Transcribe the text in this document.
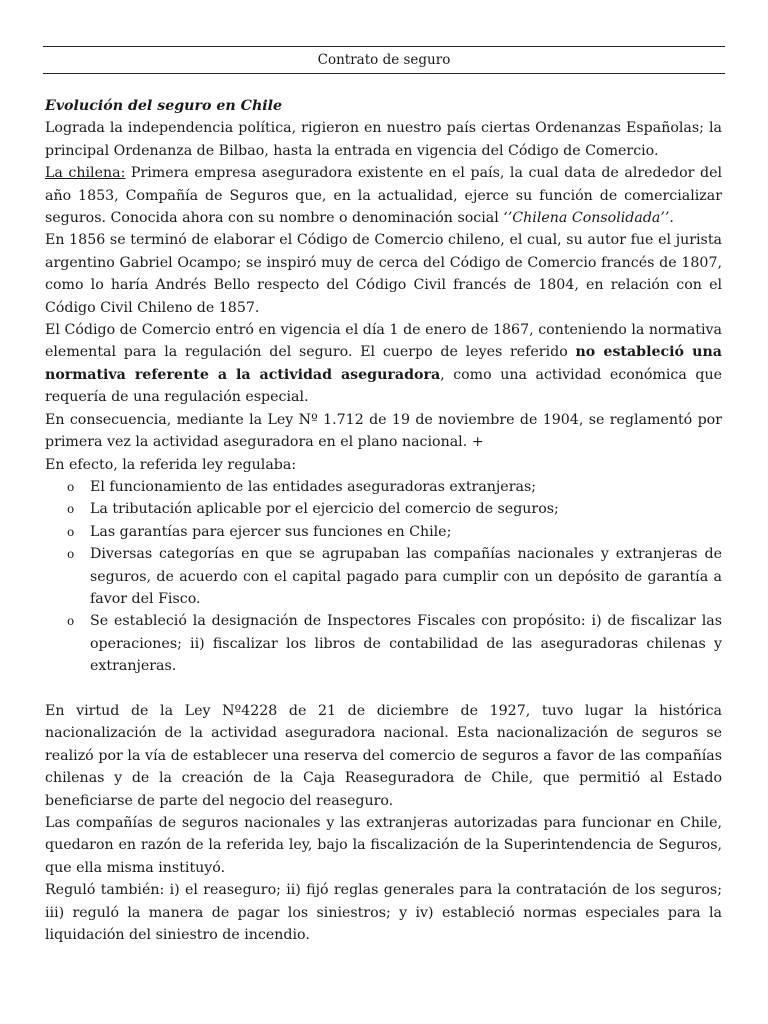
Contrato de seguro

Evolución del seguro en Chile

Lograda la independencia política, rigieron en nuestro país ciertas Ordenanzas Españolas; la principal Ordenanza de Bilbao, hasta la entrada en vigencia del Código de Comercio.

La chilena: Primera empresa aseguradora existente en el país, la cual data de alrededor del año 1853, Compañía de Seguros que, en la actualidad, ejerce su función de comercializar seguros. Conocida ahora con su nombre o denominación social ‘’Chilena Consolidada’’.

En 1856 se terminó de elaborar el Código de Comercio chileno, el cual, su autor fue el jurista argentino Gabriel Ocampo; se inspiró muy de cerca del Código de Comercio francés de 1807, como lo haría Andrés Bello respecto del Código Civil francés de 1804, en relación con el Código Civil Chileno de 1857.

El Código de Comercio entró en vigencia el día 1 de enero de 1867, conteniendo la normativa elemental para la regulación del seguro. El cuerpo de leyes referido no estableció una normativa referente a la actividad aseguradora, como una actividad económica que requería de una regulación especial.

En consecuencia, mediante la Ley Nº 1.712 de 19 de noviembre de 1904, se reglamentó por primera vez la actividad aseguradora en el plano nacional. +

En efecto, la referida ley regulaba:

o El funcionamiento de las entidades aseguradoras extranjeras;
o La tributación aplicable por el ejercicio del comercio de seguros;
o Las garantías para ejercer sus funciones en Chile;
o Diversas categorías en que se agrupaban las compañías nacionales y extranjeras de seguros, de acuerdo con el capital pagado para cumplir con un depósito de garantía a favor del Fisco.
o Se estableció la designación de Inspectores Fiscales con propósito: i) de fiscalizar las operaciones; ii) fiscalizar los libros de contabilidad de las aseguradoras chilenas y extranjeras.

En virtud de la Ley Nº4228 de 21 de diciembre de 1927, tuvo lugar la histórica nacionalización de la actividad aseguradora nacional. Esta nacionalización de seguros se realizó por la vía de establecer una reserva del comercio de seguros a favor de las compañías chilenas y de la creación de la Caja Reaseguradora de Chile, que permitió al Estado beneficiarse de parte del negocio del reaseguro.

Las compañías de seguros nacionales y las extranjeras autorizadas para funcionar en Chile, quedaron en razón de la referida ley, bajo la fiscalización de la Superintendencia de Seguros, que ella misma instituyó.

Reguló también: i) el reaseguro; ii) fijó reglas generales para la contratación de los seguros; iii) reguló la manera de pagar los siniestros; y iv) estableció normas especiales para la liquidación del siniestro de incendio.
